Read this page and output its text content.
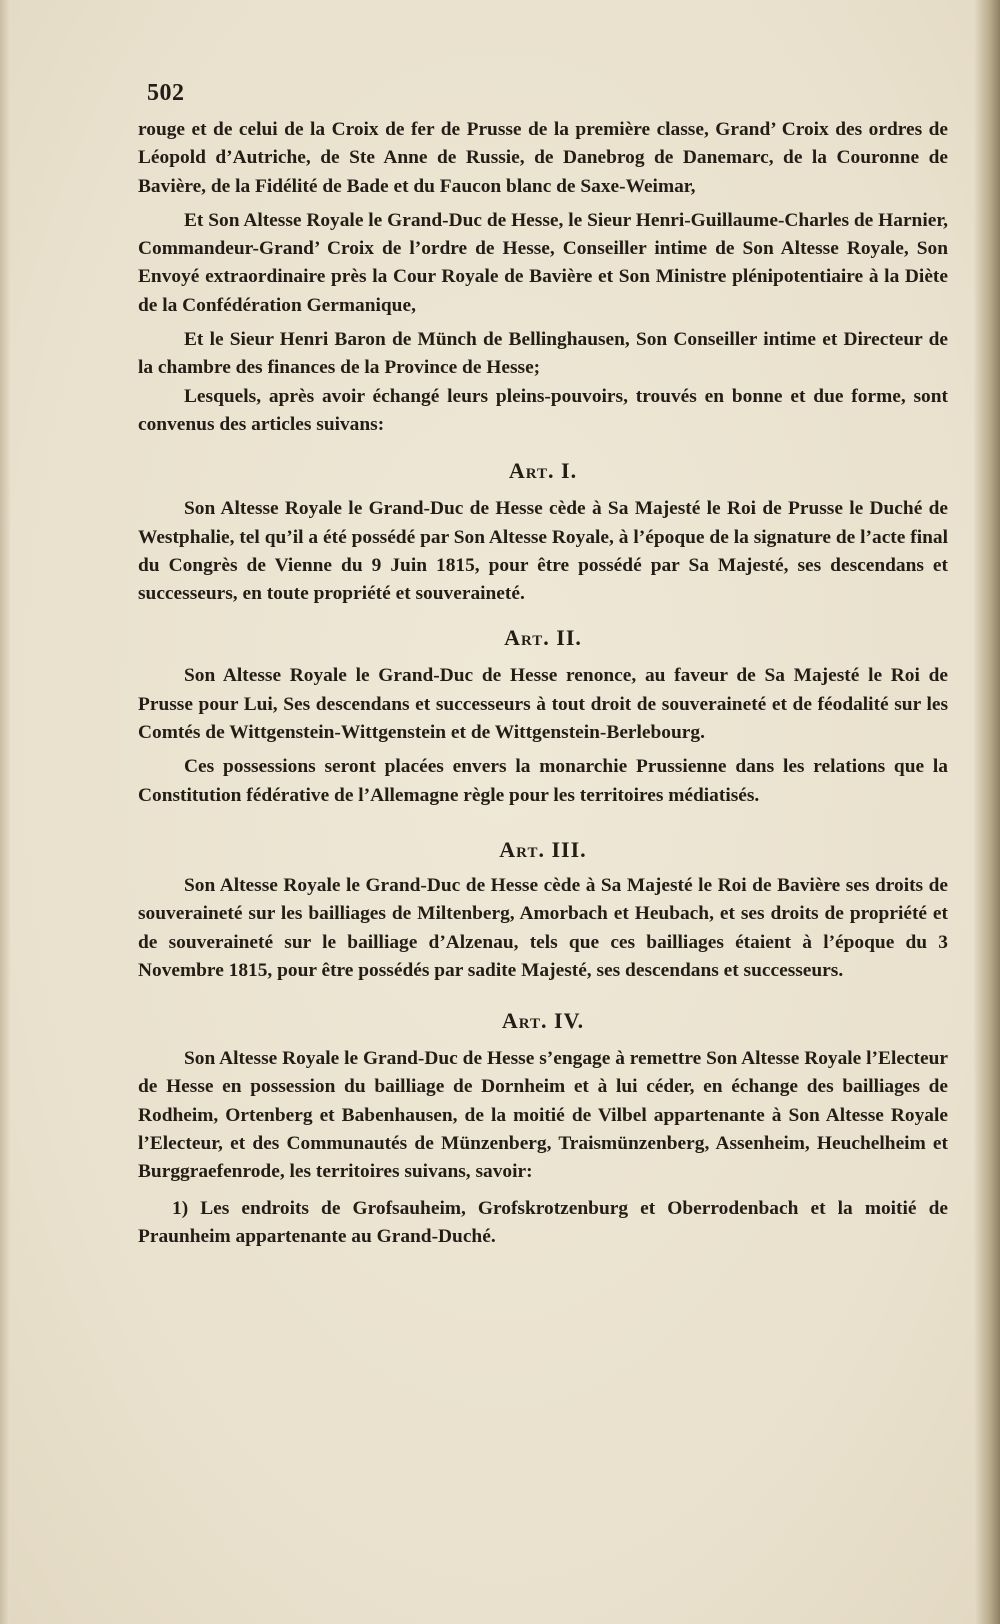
502

rouge et de celui de la Croix de fer de Prusse de la première classe, Grand’ Croix des ordres de Léopold d’Autriche, de Ste Anne de Russie, de Danebrog de Danemarc, de la Couronne de Bavière, de la Fidélité de Bade et du Faucon blanc de Saxe-Weimar,

Et Son Altesse Royale le Grand-Duc de Hesse, le Sieur Henri-Guillaume-Charles de Harnier, Commandeur-Grand’ Croix de l’ordre de Hesse, Conseiller intime de Son Altesse Royale, Son Envoyé extraordinaire près la Cour Royale de Bavière et Son Ministre plénipotentiaire à la Diète de la Confédération Germanique,

Et le Sieur Henri Baron de Münch de Bellinghausen, Son Conseiller intime et Directeur de la chambre des finances de la Province de Hesse;

Lesquels, après avoir échangé leurs pleins-pouvoirs, trouvés en bonne et due forme, sont convenus des articles suivans:

Art. I.

Son Altesse Royale le Grand-Duc de Hesse cède à Sa Majesté le Roi de Prusse le Duché de Westphalie, tel qu’il a été possédé par Son Altesse Royale, à l’époque de la signature de l’acte final du Congrès de Vienne du 9 Juin 1815, pour être possédé par Sa Majesté, ses descendans et successeurs, en toute propriété et souveraineté.

Art. II.

Son Altesse Royale le Grand-Duc de Hesse renonce, au faveur de Sa Majesté le Roi de Prusse pour Lui, Ses descendans et successeurs à tout droit de souveraineté et de féodalité sur les Comtés de Wittgenstein-Wittgenstein et de Wittgenstein-Berlebourg.

Ces possessions seront placées envers la monarchie Prussienne dans les relations que la Constitution fédérative de l’Allemagne règle pour les territoires médiatisés.

Art. III.

Son Altesse Royale le Grand-Duc de Hesse cède à Sa Majesté le Roi de Bavière ses droits de souveraineté sur les bailliages de Miltenberg, Amorbach et Heubach, et ses droits de propriété et de souveraineté sur le bailliage d’Alzenau, tels que ces bailliages étaient à l’époque du 3 Novembre 1815, pour être possédés par sadite Majesté, ses descendans et successeurs.

Art. IV.

Son Altesse Royale le Grand-Duc de Hesse s’engage à remettre Son Altesse Royale l’Electeur de Hesse en possession du bailliage de Dornheim et à lui céder, en échange des bailliages de Rodheim, Ortenberg et Babenhausen, de la moitié de Vilbel appartenante à Son Altesse Royale l’Electeur, et des Communautés de Münzenberg, Traismünzenberg, Assenheim, Heuchelheim et Burggraefenrode, les territoires suivans, savoir:

1) Les endroits de Grofsauheim, Grofskrotzenburg et Oberrodenbach et la moitié de Praunheim appartenante au Grand-Duché.
